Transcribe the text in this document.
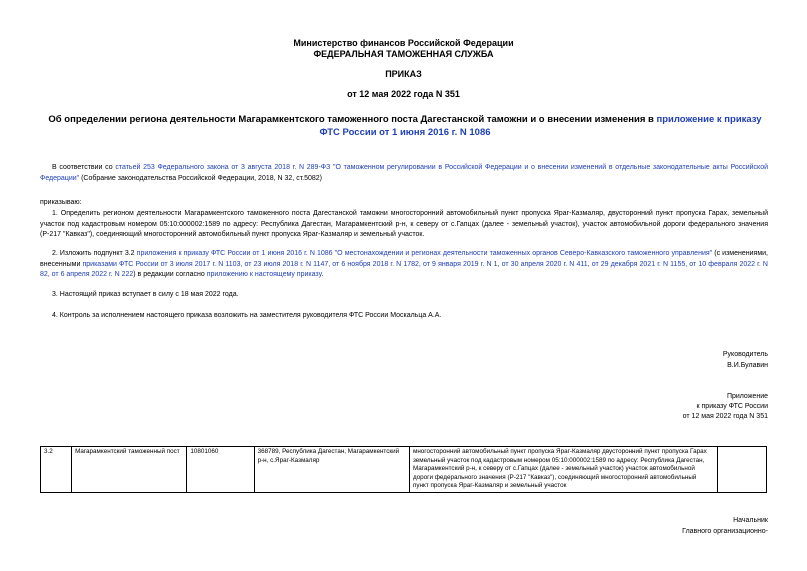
Министерство финансов Российской Федерации
ФЕДЕРАЛЬНАЯ ТАМОЖЕННАЯ СЛУЖБА
ПРИКАЗ
от 12 мая 2022 года N 351
Об определении региона деятельности Магарамкентского таможенного поста Дагестанской таможни и о внесении изменения в приложение к приказу ФТС России от 1 июня 2016 г. N 1086
В соответствии со статьей 253 Федерального закона от 3 августа 2018 г. N 289-ФЗ "О таможенном регулировании в Российской Федерации и о внесении изменений в отдельные законодательные акты Российской Федерации" (Собрание законодательства Российской Федерации, 2018, N 32, ст.5082)
приказываю:
1. Определить регионом деятельности Магарамкентского таможенного поста Дагестанской таможни многосторонний автомобильный пункт пропуска Яраг-Казмаляр, двусторонний пункт пропуска Гарах, земельный участок под кадастровым номером 05:10:000002:1589 по адресу: Республика Дагестан, Магарамкентский р-н, к северу от с.Гапцах (далее - земельный участок), участок автомобильной дороги федерального значения (Р-217 "Кавказ"), соединяющий многосторонний автомобильный пункт пропуска Яраг-Казмаляр и земельный участок.
2. Изложить подпункт 3.2 приложения к приказу ФТС России от 1 июня 2016 г. N 1086 "О местонахождении и регионах деятельности таможенных органов Северо-Кавказского таможенного управления" (с изменениями, внесенными приказами ФТС России от 3 июля 2017 г. N 1103, от 23 июля 2018 г. N 1147, от 6 ноября 2018 г. N 1782, от 9 января 2019 г. N 1, от 30 апреля 2020 г. N 411, от 29 декабря 2021 г. N 1155, от 10 февраля 2022 г. N 82, от 6 апреля 2022 г. N 222) в редакции согласно приложению к настоящему приказу.
3. Настоящий приказ вступает в силу с 18 мая 2022 года.
4. Контроль за исполнением настоящего приказа возложить на заместителя руководителя ФТС России Москальца А.А.
Руководитель
В.И.Булавин
Приложение
к приказу ФТС России
от 12 мая 2022 года N 351
3.2	Магарамкентский таможенный пост	10801060	368789, Республика Дагестан, Магарамкентский р-н, с.Яраг-Казмаляр	многосторонний автомобильный пункт пропуска Яраг-Казмаляр двусторонний пункт пропуска Гарах земельный участок под кадастровым номером 05:10:000002:1589 по адресу: Республика Дагестан, Магарамкентский р-н, к северу от с.Гапцах (далее - земельный участок) участок автомобильной дороги федерального значения (Р-217 "Кавказ"), соединяющий многосторонний автомобильный пункт пропуска Яраг-Казмаляр и земельный участок	
Начальник
Главного организационно-
